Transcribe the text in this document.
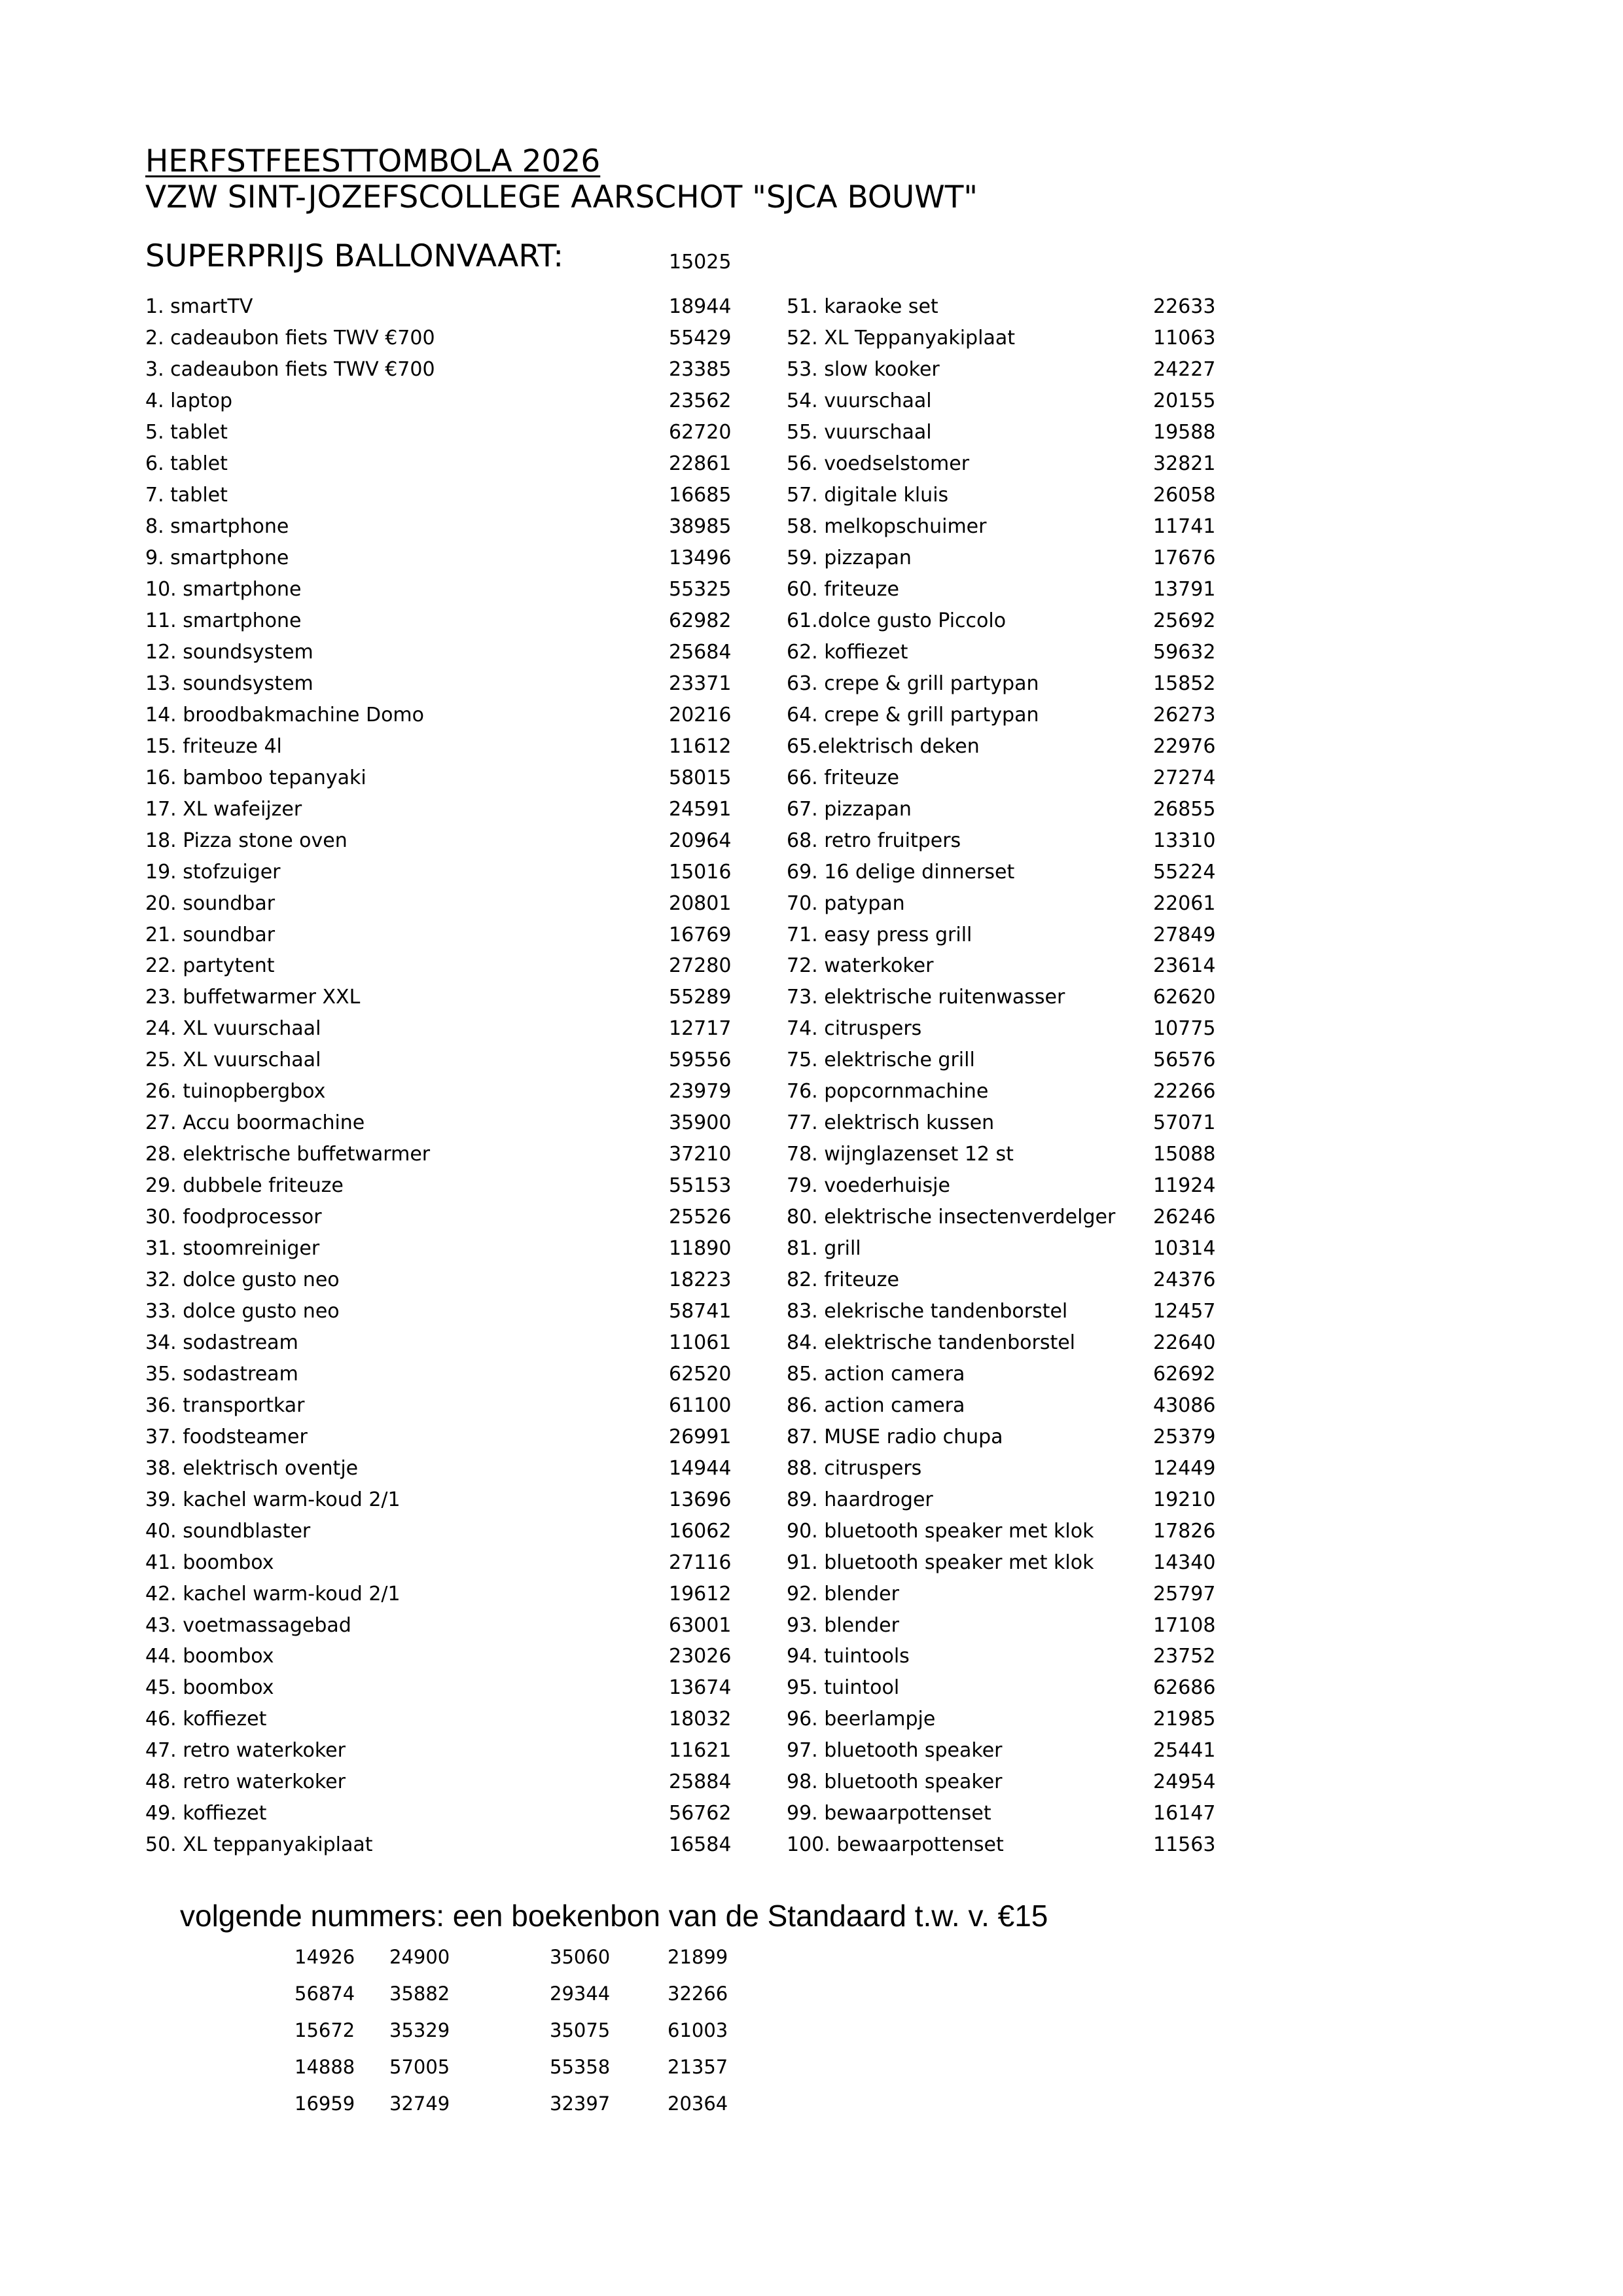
HERFSTFEESTTOMBOLA 2026
VZW SINT-JOZEFSCOLLEGE AARSCHOT "SJCA BOUWT"
SUPERPRIJS BALLONVAART:	15025
1. smartTV	18944
2. cadeaubon fiets TWV €700	55429
3. cadeaubon fiets TWV €700	23385
4. laptop	23562
5. tablet	62720
6. tablet	22861
7. tablet	16685
8. smartphone	38985
9. smartphone	13496
10. smartphone	55325
11. smartphone	62982
12. soundsystem	25684
13. soundsystem	23371
14. broodbakmachine Domo	20216
15. friteuze 4l	11612
16. bamboo tepanyaki	58015
17. XL wafeijzer	24591
18. Pizza stone oven	20964
19. stofzuiger	15016
20. soundbar	20801
21. soundbar	16769
22. partytent	27280
23. buffetwarmer XXL	55289
24. XL vuurschaal	12717
25. XL vuurschaal	59556
26. tuinopbergbox	23979
27. Accu boormachine	35900
28. elektrische buffetwarmer	37210
29. dubbele friteuze	55153
30. foodprocessor	25526
31. stoomreiniger	11890
32. dolce gusto neo	18223
33. dolce gusto neo	58741
34. sodastream	11061
35. sodastream	62520
36. transportkar	61100
37. foodsteamer	26991
38. elektrisch oventje	14944
39. kachel warm-koud 2/1	13696
40. soundblaster	16062
41. boombox	27116
42. kachel warm-koud 2/1	19612
43. voetmassagebad	63001
44. boombox	23026
45. boombox	13674
46. koffiezet	18032
47. retro waterkoker	11621
48. retro waterkoker	25884
49. koffiezet	56762
50. XL teppanyakiplaat	16584
51. karaoke set	22633
52. XL Teppanyakiplaat	11063
53. slow kooker	24227
54. vuurschaal	20155
55. vuurschaal	19588
56. voedselstomer	32821
57. digitale kluis	26058
58. melkopschuimer	11741
59. pizzapan	17676
60. friteuze	13791
61.dolce gusto Piccolo	25692
62. koffiezet	59632
63. crepe & grill partypan	15852
64. crepe & grill partypan	26273
65.elektrisch deken	22976
66. friteuze	27274
67. pizzapan	26855
68. retro fruitpers	13310
69. 16 delige dinnerset	55224
70. patypan	22061
71. easy press grill	27849
72. waterkoker	23614
73. elektrische ruitenwasser	62620
74. citruspers	10775
75. elektrische grill	56576
76. popcornmachine	22266
77. elektrisch kussen	57071
78. wijnglazenset 12 st	15088
79. voederhuisje	11924
80. elektrische insectenverdelger 26246
81. grill	10314
82. friteuze	24376
83. elekrische tandenborstel	12457
84. elektrische tandenborstel	22640
85. action camera	62692
86. action camera	43086
87. MUSE radio chupa	25379
88. citruspers	12449
89. haardroger	19210
90. bluetooth speaker met klok	17826
91. bluetooth speaker met klok	14340
92. blender	25797
93. blender	17108
94. tuintools	23752
95. tuintool	62686
96. beerlampje	21985
97. bluetooth speaker	25441
98. bluetooth speaker	24954
99. bewaarpottenset	16147
100. bewaarpottenset	11563
volgende nummers: een boekenbon van de Standaard t.w. v. €15
14926 24900	35060	21899
56874 35882	29344	32266
15672 35329	35075	61003
14888 57005	55358	21357
16959 32749	32397	20364
